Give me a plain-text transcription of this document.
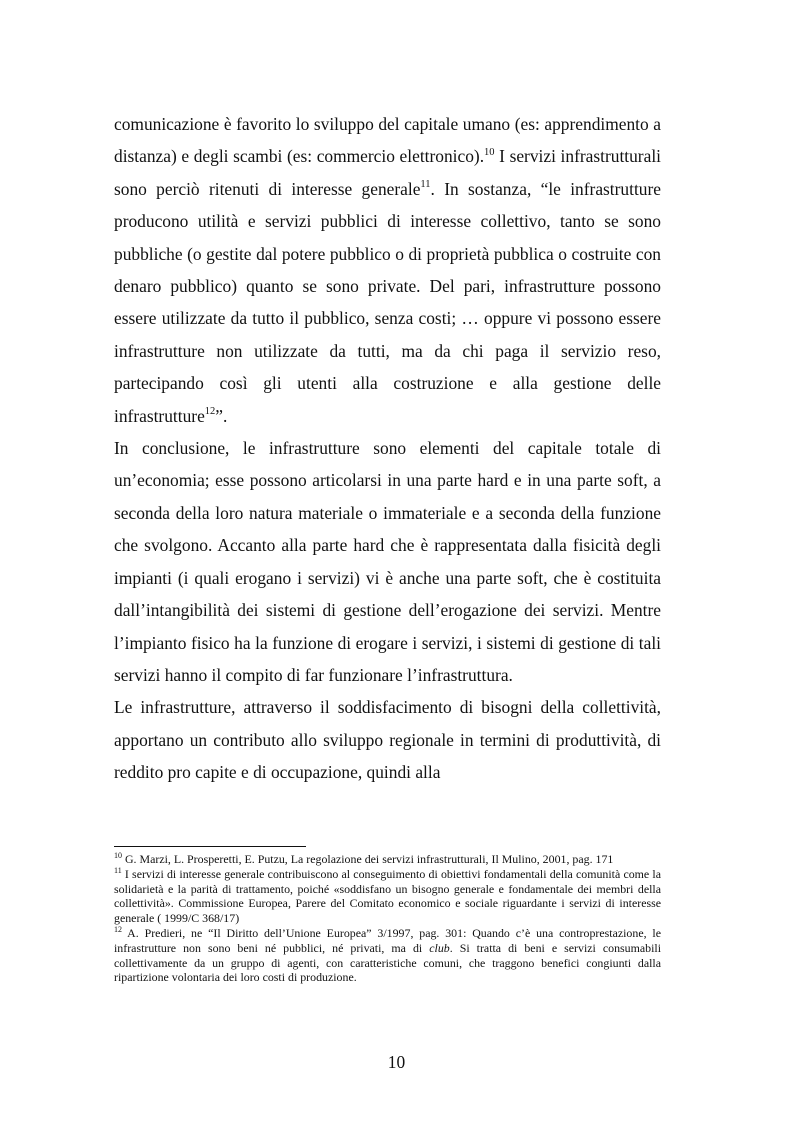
comunicazione è favorito lo sviluppo del capitale umano (es: apprendimento a distanza) e degli scambi (es: commercio elettronico).$^{10}$ I servizi infrastrutturali sono perciò ritenuti di interesse generale$^{11}$. In sostanza, “le infrastrutture producono utilità e servizi pubblici di interesse collettivo, tanto se sono pubbliche (o gestite dal potere pubblico o di proprietà pubblica o costruite con denaro pubblico) quanto se sono private. Del pari, infrastrutture possono essere utilizzate da tutto il pubblico, senza costi; … oppure vi possono essere infrastrutture non utilizzate da tutti, ma da chi paga il servizio reso, partecipando così gli utenti alla costruzione e alla gestione delle infrastrutture$^{12}$”.

In conclusione, le infrastrutture sono elementi del capitale totale di un’economia; esse possono articolarsi in una parte hard e in una parte soft, a seconda della loro natura materiale o immateriale e a seconda della funzione che svolgono. Accanto alla parte hard che è rappresentata dalla fisicità degli impianti (i quali erogano i servizi) vi è anche una parte soft, che è costituita dall’intangibilità dei sistemi di gestione dell’erogazione dei servizi. Mentre l’impianto fisico ha la funzione di erogare i servizi, i sistemi di gestione di tali servizi hanno il compito di far funzionare l’infrastruttura.

Le infrastrutture, attraverso il soddisfacimento di bisogni della collettività, apportano un contributo allo sviluppo regionale in termini di produttività, di reddito pro capite e di occupazione, quindi alla

$^{10}$ G. Marzi, L. Prosperetti, E. Putzu, La regolazione dei servizi infrastrutturali, Il Mulino, 2001, pag. 171

$^{11}$ I servizi di interesse generale contribuiscono al conseguimento di obiettivi fondamentali della comunità come la solidarietà e la parità di trattamento, poiché «soddisfano un bisogno generale e fondamentale dei membri della collettività». Commissione Europea, Parere del Comitato economico e sociale riguardante i servizi di interesse generale ( 1999/C 368/17)

$^{12}$ A. Predieri, ne “Il Diritto dell’Unione Europea” 3/1997, pag. 301: Quando c’è una controprestazione, le infrastrutture non sono beni né pubblici, né privati, ma di club. Si tratta di beni e servizi consumabili collettivamente da un gruppo di agenti, con caratteristiche comuni, che traggono benefici congiunti dalla ripartizione volontaria dei loro costi di produzione.

10
